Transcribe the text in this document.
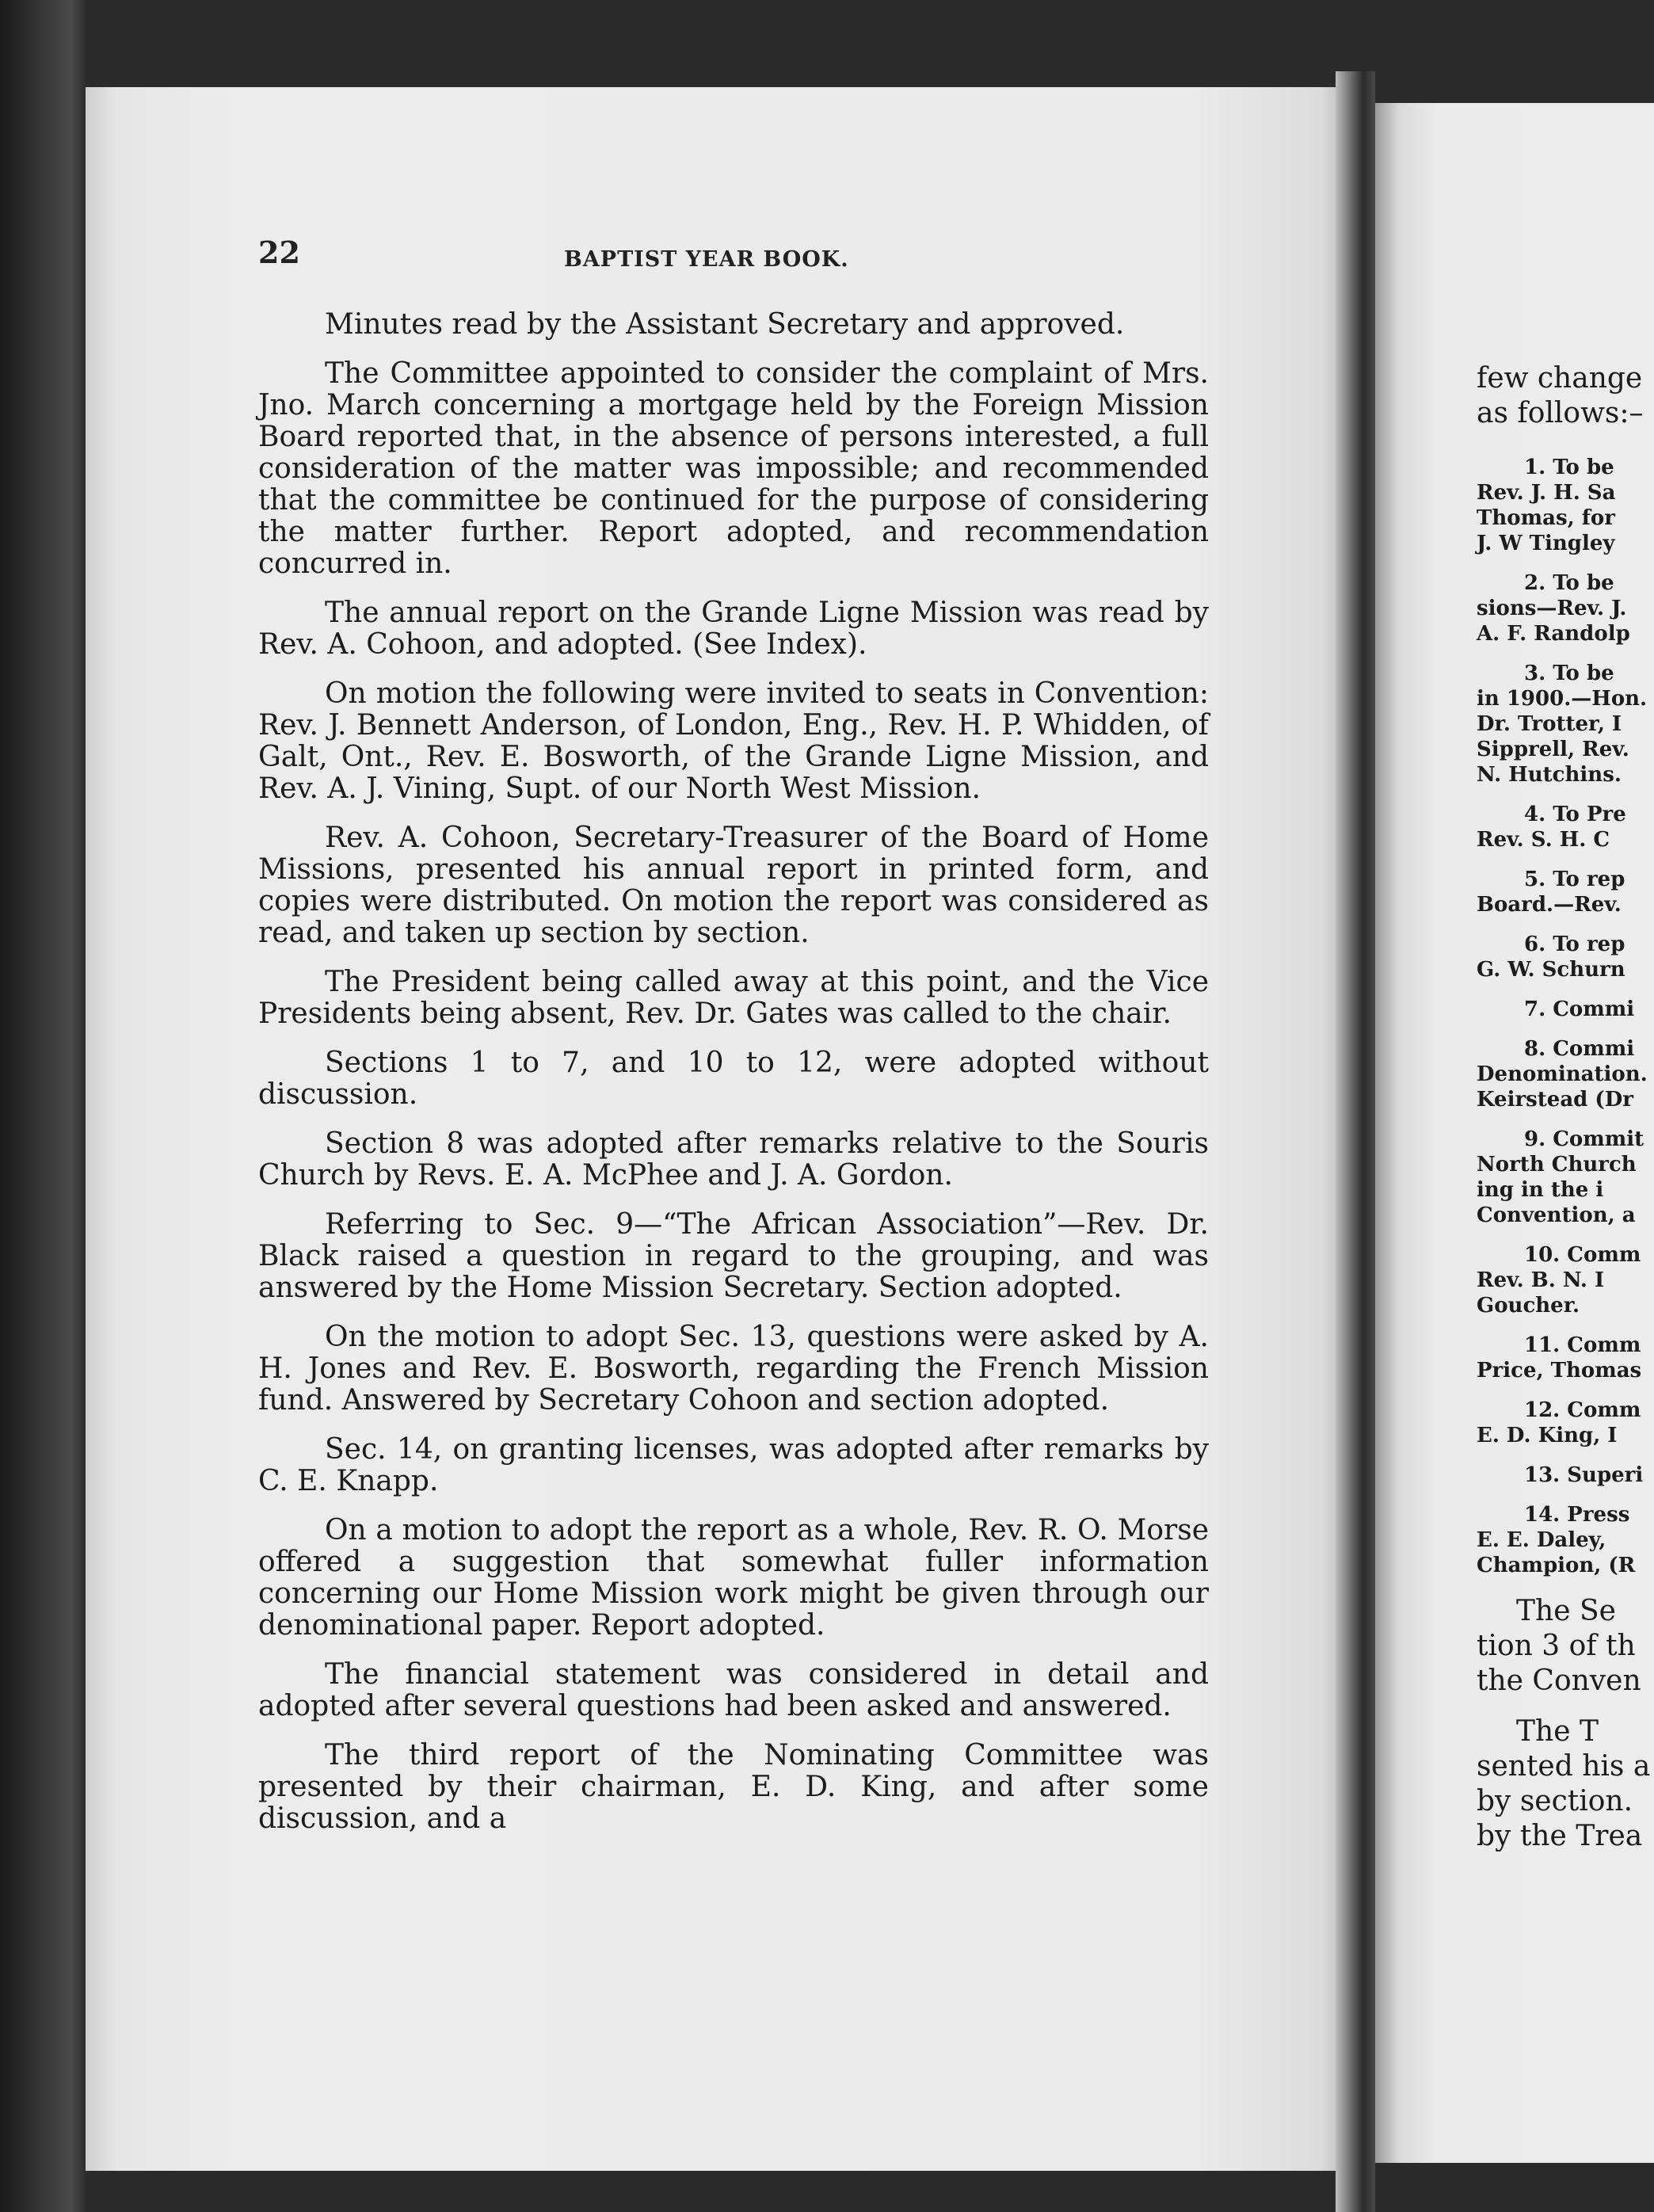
22	BAPTIST YEAR BOOK.

Minutes read by the Assistant Secretary and approved.

The Committee appointed to consider the complaint of Mrs. Jno. March concerning a mortgage held by the Foreign Mission Board reported that, in the absence of persons interested, a full consideration of the matter was impossible; and recommended that the committee be continued for the purpose of considering the matter further. Report adopted, and recommendation concurred in.

The annual report on the Grande Ligne Mission was read by Rev. A. Cohoon, and adopted. (See Index).

On motion the following were invited to seats in Convention: Rev. J. Bennett Anderson, of London, Eng., Rev. H. P. Whidden, of Galt, Ont., Rev. E. Bosworth, of the Grande Ligne Mission, and Rev. A. J. Vining, Supt. of our North West Mission.

Rev. A. Cohoon, Secretary-Treasurer of the Board of Home Missions, presented his annual report in printed form, and copies were distributed. On motion the report was considered as read, and taken up section by section.

The President being called away at this point, and the Vice Presidents being absent, Rev. Dr. Gates was called to the chair.

Sections 1 to 7, and 10 to 12, were adopted without discussion.

Section 8 was adopted after remarks relative to the Souris Church by Revs. E. A. McPhee and J. A. Gordon.

Referring to Sec. 9—“The African Association”—Rev. Dr. Black raised a question in regard to the grouping, and was answered by the Home Mission Secretary. Section adopted.

On the motion to adopt Sec. 13, questions were asked by A. H. Jones and Rev. E. Bosworth, regarding the French Mission fund. Answered by Secretary Cohoon and section adopted.

Sec. 14, on granting licenses, was adopted after remarks by C. E. Knapp.

On a motion to adopt the report as a whole, Rev. R. O. Morse offered a suggestion that somewhat fuller information concerning our Home Mission work might be given through our denominational paper. Report adopted.

The financial statement was considered in detail and adopted after several questions had been asked and answered.

The third report of the Nominating Committee was presented by their chairman, E. D. King, and after some discussion, and a

few change
as follows:–
1. To be
Rev. J. H. Sa
Thomas, for
J. W Tingley
2. To be
sions—Rev. J.
A. F. Randolp
3. To be
in 1900.—Hon.
Dr. Trotter, I
Sipprell, Rev.
N. Hutchins.
4. To Pre
Rev. S. H. C
5. To rep
Board.—Rev.
6. To rep
G. W. Schurn
7. Commi
8. Commi
Denomination.
Keirstead (Dr
9. Commit
North Church
ing in the i
Convention, a
10. Comm
Rev. B. N. I
Goucher.
11. Comm
Price, Thomas
12. Comm
E. D. King, I
13. Superi
14. Press
E. E. Daley,
Champion, (R
The Se
tion 3 of th
the Conven
The T
sented his a
by section.
by the Trea
